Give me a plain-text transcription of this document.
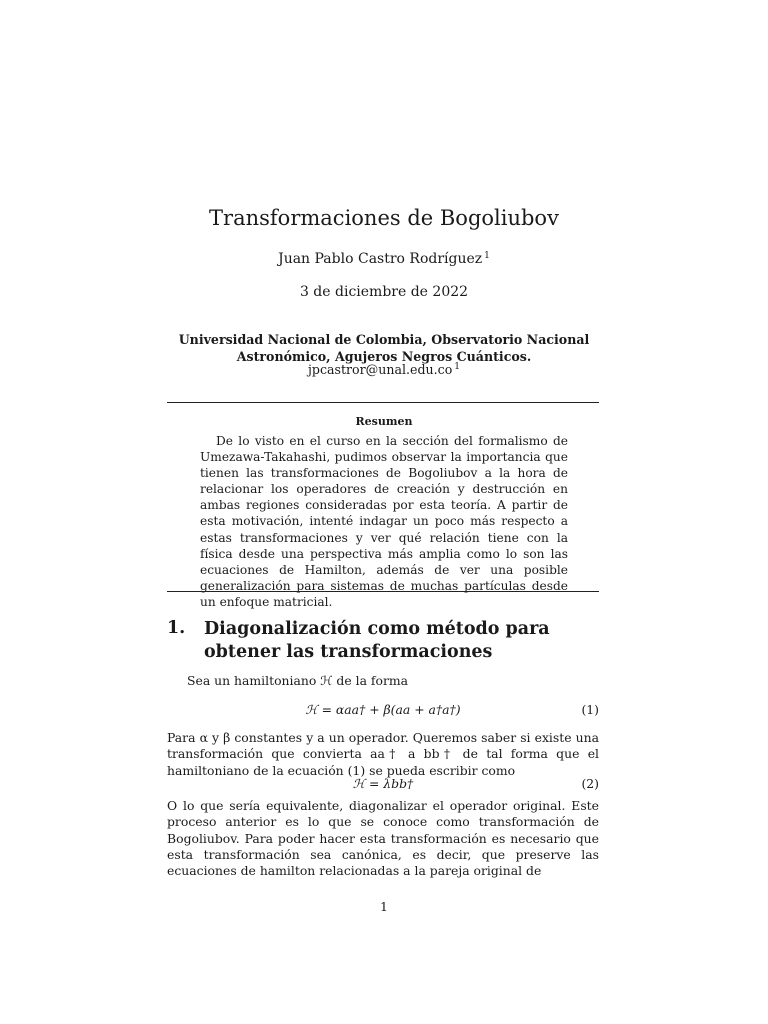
Transformaciones de Bogoliubov
Juan Pablo Castro Rodríguez $^1$
3 de diciembre de 2022
Universidad Nacional de Colombia, Observatorio Nacional
Astronómico, Agujeros Negros Cuánticos.
jpcastror@unal.edu.co $^1$
Resumen
De lo visto en el curso en la sección del formalismo de Umezawa-Takahashi, pudimos observar la importancia que tienen las transformaciones de Bogoliubov a la hora de relacionar los operadores de creación y destrucción en ambas regiones consideradas por esta teoría. A partir de esta motivación, intenté indagar un poco más respecto a estas transformaciones y ver qué relación tiene con la física desde una perspectiva más amplia como lo son las ecuaciones de Hamilton, además de ver una posible generalización para sistemas de muchas partículas desde un enfoque matricial.
1. Diagonalización como método para obtener las transformaciones
Sea un hamiltoniano ℋ de la forma
ℋ = αaa† + β(aa + a†a†)	(1)
Para α y β constantes y a un operador. Queremos saber si existe una transformación que convierta aa† a bb† de tal forma que el hamiltoniano de la ecuación (1) se pueda escribir como
ℋ = λbb†	(2)
O lo que sería equivalente, diagonalizar el operador original. Este proceso anterior es lo que se conoce como transformación de Bogoliubov. Para poder hacer esta transformación es necesario que esta transformación sea canónica, es decir, que preserve las ecuaciones de hamilton relacionadas a la pareja original de
1
